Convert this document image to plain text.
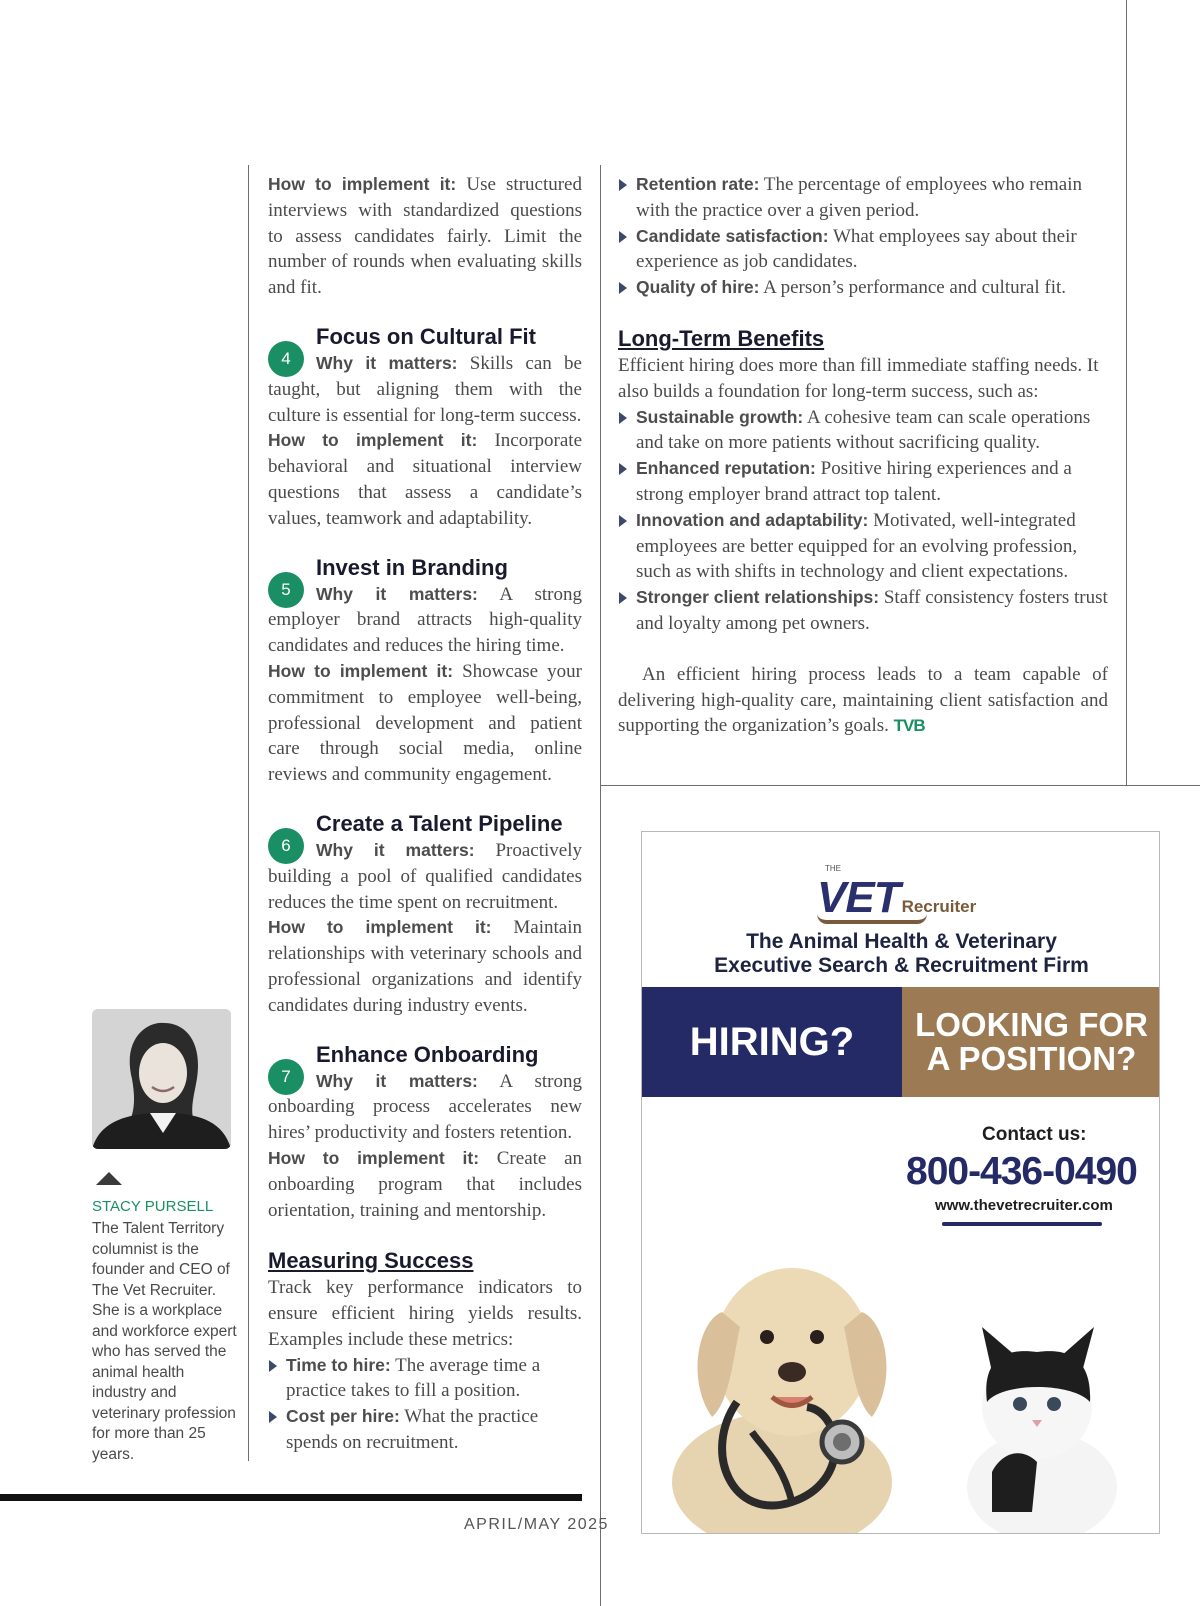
How to implement it: Use structured interviews with standardized questions to assess candidates fairly. Limit the number of rounds when evaluating skills and fit.

4
Focus on Cultural Fit

Why it matters: Skills can be taught, but aligning them with the culture is essential for long-term success.

How to implement it: Incorporate behavioral and situational interview questions that assess a candidate’s values, teamwork and adaptability.

5
Invest in Branding

Why it matters: A strong employer brand attracts high-quality candidates and reduces the hiring time.

How to implement it: Showcase your commitment to employee well-being, professional development and patient care through social media, online reviews and community engagement.

6
Create a Talent Pipeline

Why it matters: Proactively building a pool of qualified candidates reduces the time spent on recruitment.

How to implement it: Maintain relationships with veterinary schools and professional organizations and identify candidates during industry events.

7
Enhance Onboarding

Why it matters: A strong onboarding process accelerates new hires’ productivity and fosters retention.

How to implement it: Create an onboarding program that includes orientation, training and mentorship.

Measuring Success

Track key performance indicators to ensure efficient hiring yields results. Examples include these metrics:

Time to hire: The average time a practice takes to fill a position.
Cost per hire: What the practice spends on recruitment.
Retention rate: The percentage of employees who remain with the practice over a given period.
Candidate satisfaction: What employees say about their experience as job candidates.
Quality of hire: A person’s performance and cultural fit.
Long-Term Benefits

Efficient hiring does more than fill immediate staffing needs. It also builds a foundation for long-term success, such as:

Sustainable growth: A cohesive team can scale operations and take on more patients without sacrificing quality.
Enhanced reputation: Positive hiring experiences and a strong employer brand attract top talent.
Innovation and adaptability: Motivated, well-integrated employees are better equipped for an evolving profession, such as with shifts in technology and client expectations.
Stronger client relationships: Staff consistency fosters trust and loyalty among pet owners.

An efficient hiring process leads to a team capable of delivering high-quality care, maintaining client satisfaction and supporting the organization’s goals. TVB

STACY PURSELL
The Talent Territory columnist is the founder and CEO of The Vet Recruiter. She is a workplace and workforce expert who has served the animal health industry and veterinary profession for more than 25 years.
APRIL/MAY 2025
THE
VET Recruiter
The Animal Health & Veterinary
Executive Search & Recruitment Firm
HIRING?	LOOKING FOR
A POSITION?
Contact us:
800-436-0490
www.thevetrecruiter.com
